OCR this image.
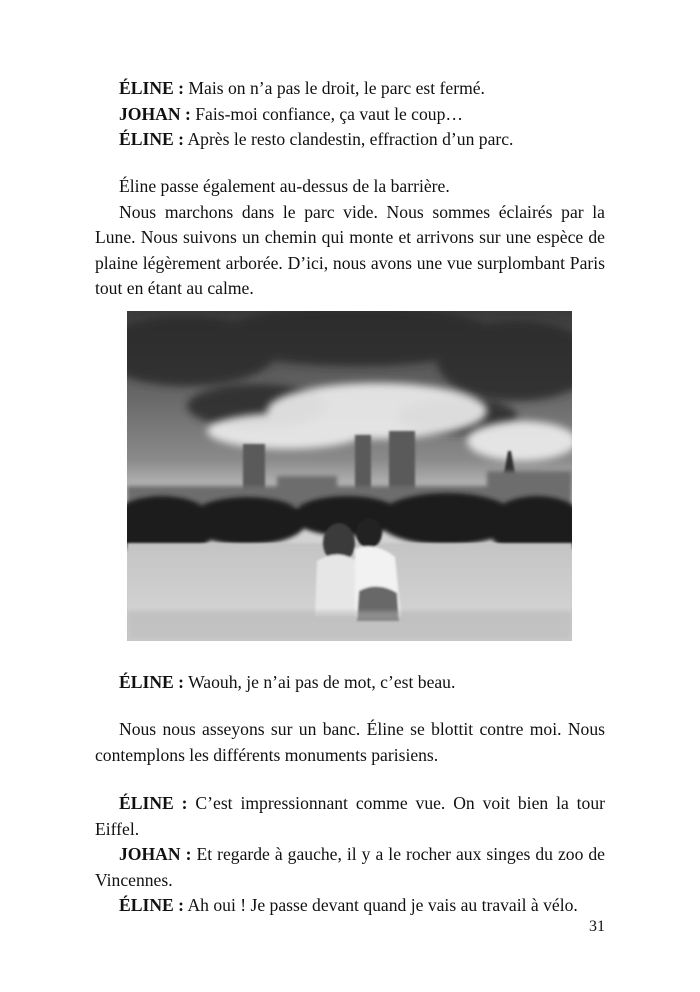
ÉLINE : Mais on n’a pas le droit, le parc est fermé.

JOHAN : Fais-moi confiance, ça vaut le coup…

ÉLINE : Après le resto clandestin, effraction d’un parc.

Éline passe également au-dessus de la barrière.

Nous marchons dans le parc vide. Nous sommes éclairés par la Lune. Nous suivons un chemin qui monte et arrivons sur une espèce de plaine légèrement arborée. D’ici, nous avons une vue surplombant Paris tout en étant au calme.

ÉLINE : Waouh, je n’ai pas de mot, c’est beau.

Nous nous asseyons sur un banc. Éline se blottit contre moi. Nous contemplons les différents monuments parisiens.

ÉLINE : C’est impressionnant comme vue. On voit bien la tour Eiffel.

JOHAN : Et regarde à gauche, il y a le rocher aux singes du zoo de Vincennes.

ÉLINE : Ah oui ! Je passe devant quand je vais au travail à vélo.

31
